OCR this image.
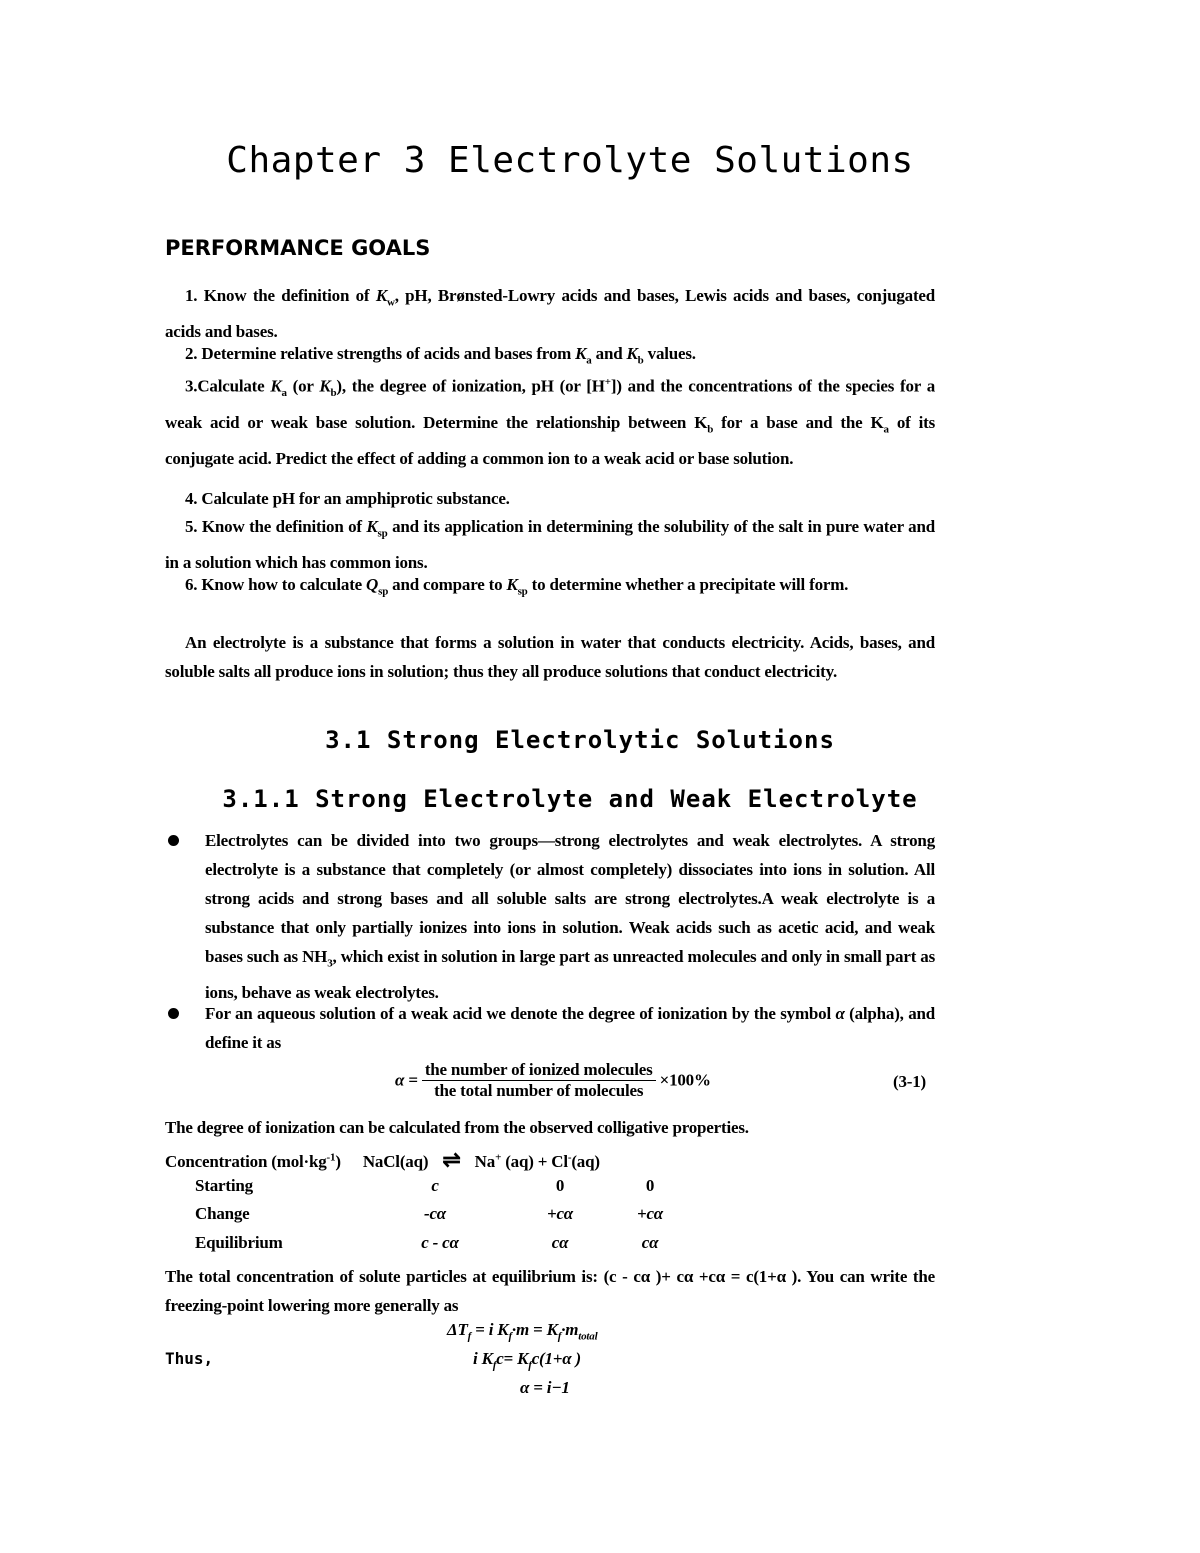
Chapter 3 Electrolyte Solutions
PERFORMANCE GOALS
1. Know the definition of $K_w$, pH, Brønsted-Lowry acids and bases, Lewis acids and bases, conjugated acids and bases.
2. Determine relative strengths of acids and bases from $K_a$ and $K_b$ values.
3.Calculate $K_a$ (or $K_b$), the degree of ionization, pH (or [H+]) and the concentrations of the species for a weak acid or weak base solution. Determine the relationship between $K_b$ for a base and the $K_a$ of its conjugate acid. Predict the effect of adding a common ion to a weak acid or base solution.
4. Calculate pH for an amphiprotic substance.
5. Know the definition of $K_{sp}$ and its application in determining the solubility of the salt in pure water and in a solution which has common ions.
6. Know how to calculate $Q_{sp}$ and compare to $K_{sp}$ to determine whether a precipitate will form.
An electrolyte is a substance that forms a solution in water that conducts electricity. Acids, bases, and soluble salts all produce ions in solution; thus they all produce solutions that conduct electricity.
3.1 Strong Electrolytic Solutions
3.1.1 Strong Electrolyte and Weak Electrolyte
Electrolytes can be divided into two groups—strong electrolytes and weak electrolytes. A strong electrolyte is a substance that completely (or almost completely) dissociates into ions in solution. All strong acids and strong bases and all soluble salts are strong electrolytes.A weak electrolyte is a substance that only partially ionizes into ions in solution. Weak acids such as acetic acid, and weak bases such as $NH_3$, which exist in solution in large part as unreacted molecules and only in small part as ions, behave as weak electrolytes.
For an aqueous solution of a weak acid we denote the degree of ionization by the symbol α (alpha), and define it as
$\alpha = \frac{\text{the number of ionized molecules}}{\text{the total number of molecules}} \times 100\%$	(3-1)
The degree of ionization can be calculated from the observed colligative properties.
Concentration $(mol\cdot kg^{-1})$ NaCl(aq) ⇌ Na+ (aq) + Cl-(aq)
Starting	c	0	0
Change	-cα	+cα	+cα
Equilibrium	c - cα	cα	cα
The total concentration of solute particles at equilibrium is: (c - cα )+ cα +cα = c(1+α ). You can write the freezing-point lowering more generally as
$\Delta T_f = i$ $K_f\cdot m = K_f\cdot m_{total}$
Thus,	i $K_fc= K_fc(1+\alpha$ )
α = i−1
